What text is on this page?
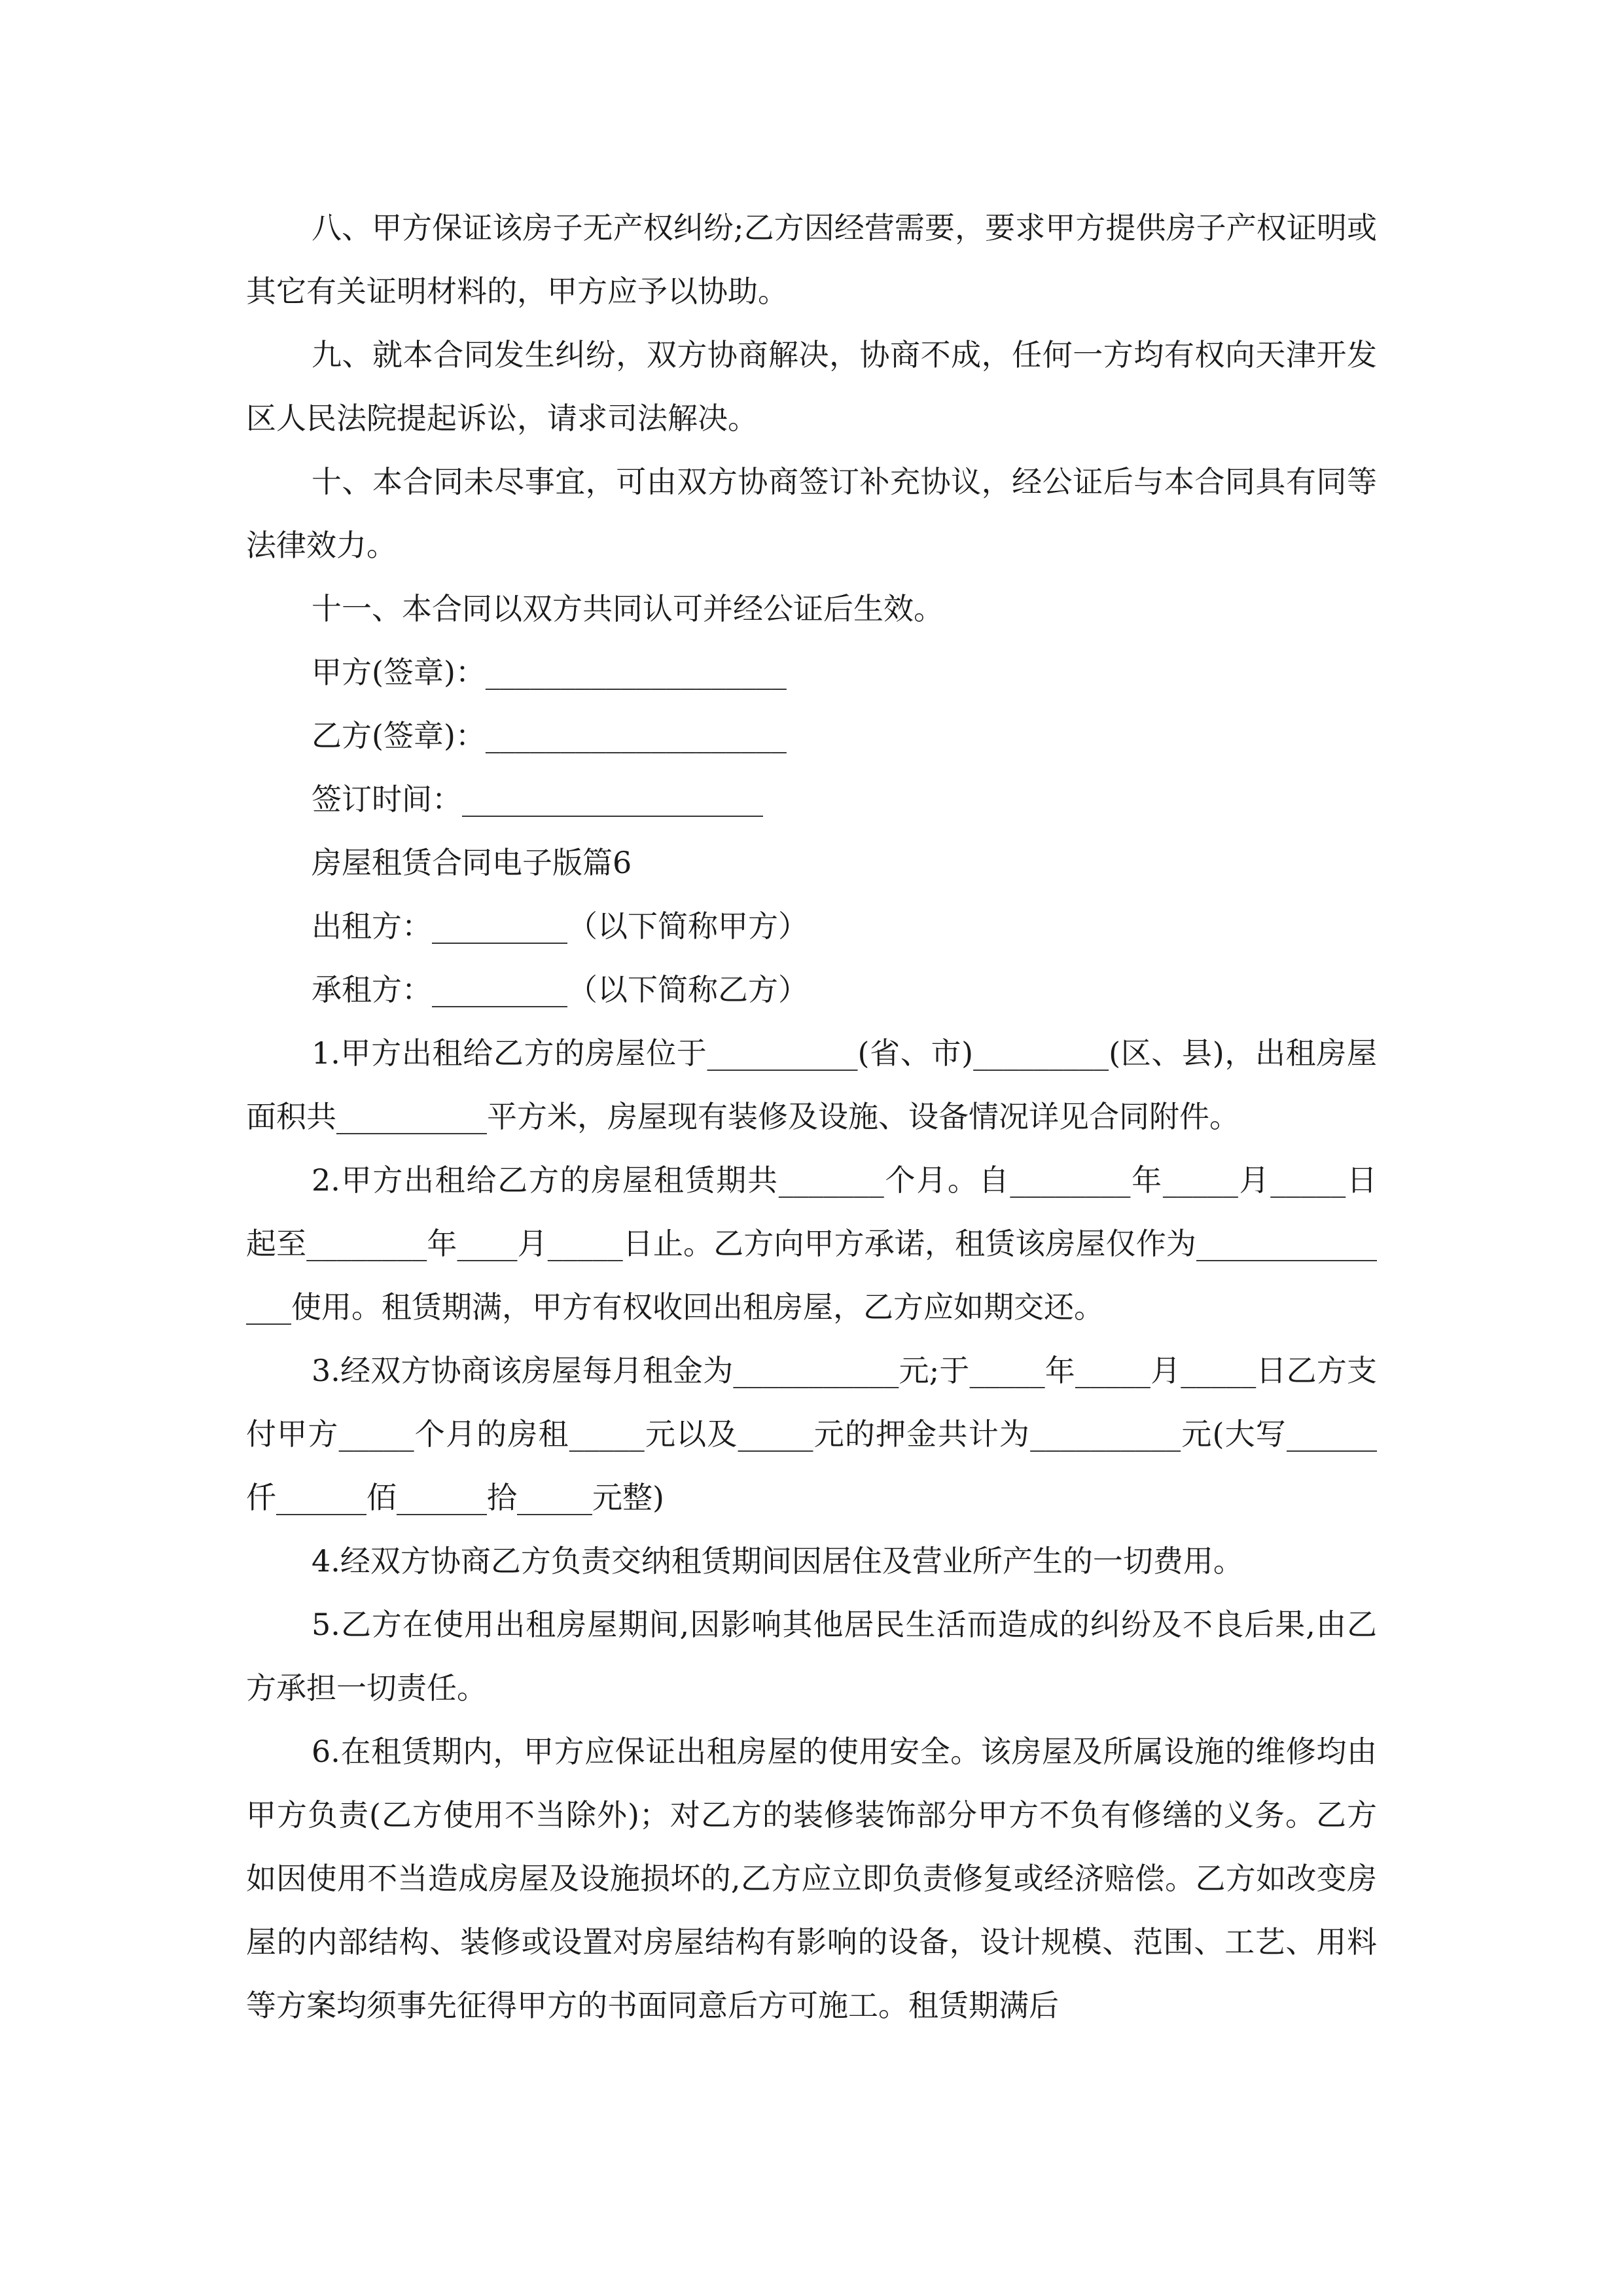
八、甲方保证该房子无产权纠纷;乙方因经营需要，要求甲方提供房子产权证明或其它有关证明材料的，甲方应予以协助。

九、就本合同发生纠纷，双方协商解决，协商不成，任何一方均有权向天津开发区人民法院提起诉讼，请求司法解决。

十、本合同未尽事宜，可由双方协商签订补充协议，经公证后与本合同具有同等法律效力。

十一、本合同以双方共同认可并经公证后生效。

甲方(签章)：____________________

乙方(签章)：____________________

签订时间：____________________

房屋租赁合同电子版篇6

出租方：_________（以下简称甲方）

承租方：_________（以下简称乙方）

1.甲方出租给乙方的房屋位于__________(省、市)_________(区、县)，出租房屋面积共__________平方米，房屋现有装修及设施、设备情况详见合同附件。

2.甲方出租给乙方的房屋租赁期共_______个月。自________年_____月_____日起至________年____月_____日止。乙方向甲方承诺，租赁该房屋仅作为_______________使用。租赁期满，甲方有权收回出租房屋，乙方应如期交还。

3.经双方协商该房屋每月租金为___________元;于_____年_____月_____日乙方支付甲方_____个月的房租_____元以及_____元的押金共计为__________元(大写______仟______佰______拾_____元整)

4.经双方协商乙方负责交纳租赁期间因居住及营业所产生的一切费用。

5.乙方在使用出租房屋期间,因影响其他居民生活而造成的纠纷及不良后果,由乙方承担一切责任。

6.在租赁期内，甲方应保证出租房屋的使用安全。该房屋及所属设施的维修均由甲方负责(乙方使用不当除外)；对乙方的装修装饰部分甲方不负有修缮的义务。乙方如因使用不当造成房屋及设施损坏的,乙方应立即负责修复或经济赔偿。乙方如改变房屋的内部结构、装修或设置对房屋结构有影响的设备，设计规模、范围、工艺、用料等方案均须事先征得甲方的书面同意后方可施工。租赁期满后
